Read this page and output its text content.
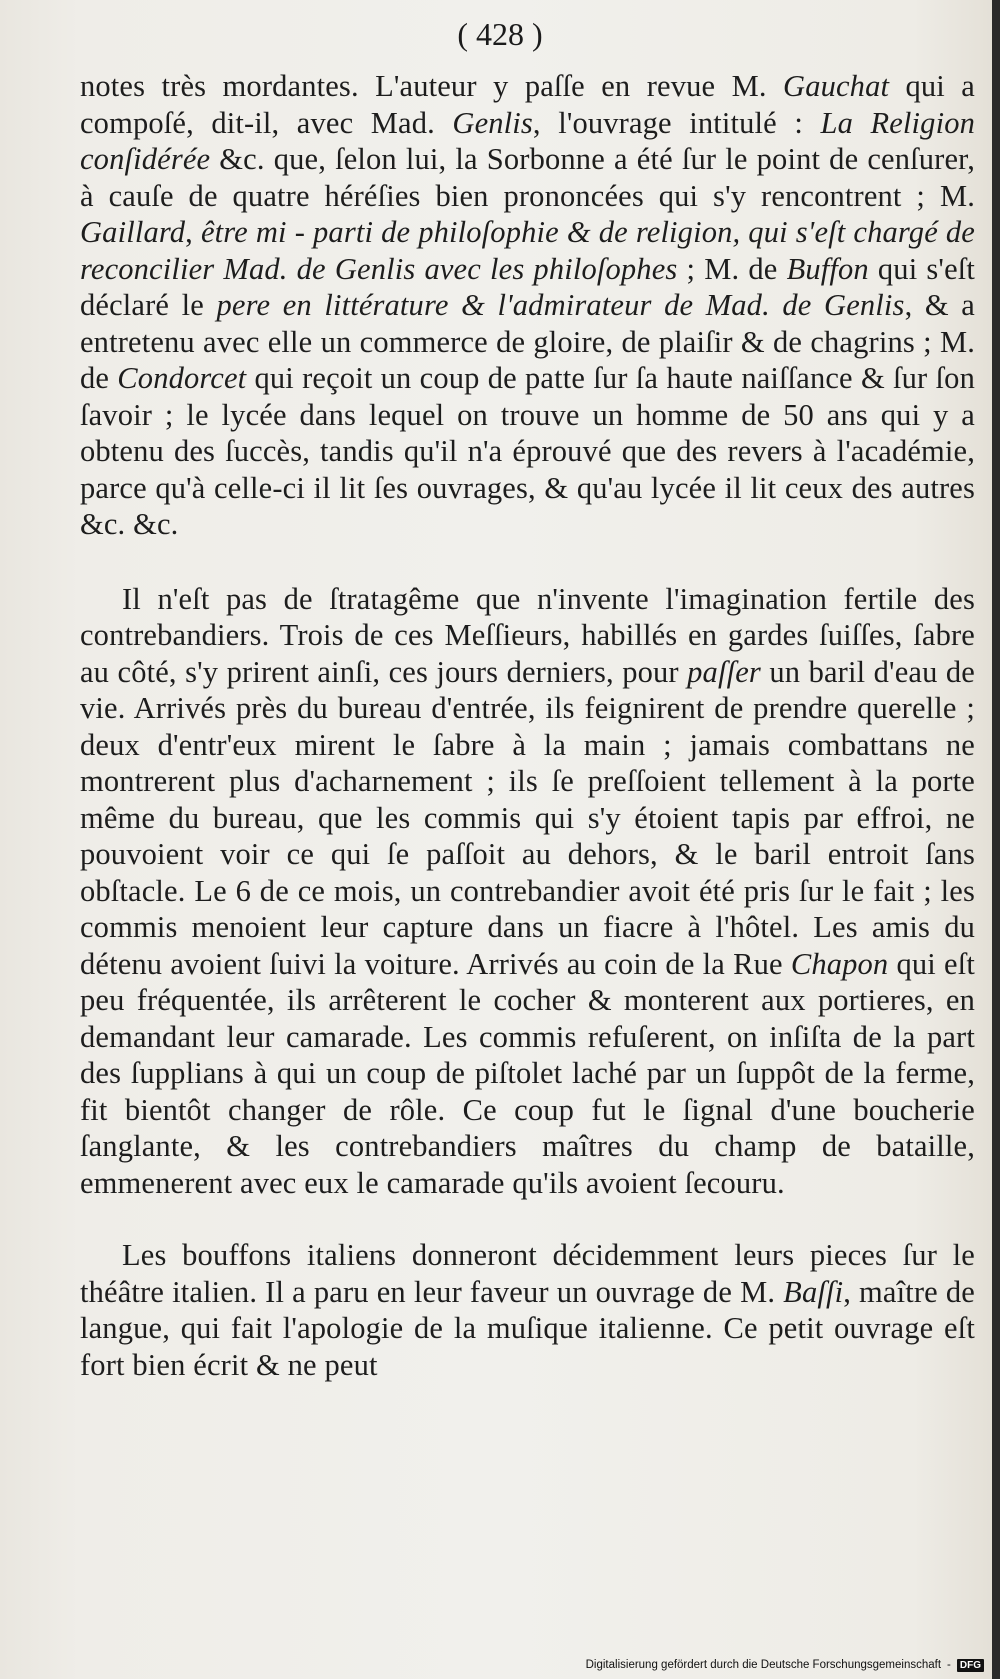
( 428 )

notes très mordantes. L'auteur y paſſe en revue M. Gauchat qui a compoſé, dit-il, avec Mad. Genlis, l'ouvrage intitulé : La Religion conſidérée &c. que, ſelon lui, la Sorbonne a été ſur le point de cenſurer, à cauſe de quatre héréſies bien prononcées qui s'y rencontrent ; M. Gaillard, être mi - parti de philoſophie & de religion, qui s'eſt chargé de reconcilier Mad. de Genlis avec les philoſophes ; M. de Buffon qui s'eſt déclaré le pere en littérature & l'admirateur de Mad. de Genlis, & a entretenu avec elle un commerce de gloire, de plaiſir & de chagrins ; M. de Condorcet qui reçoit un coup de patte ſur ſa haute naiſſance & ſur ſon ſavoir ; le lycée dans lequel on trouve un homme de 50 ans qui y a obtenu des ſuccès, tandis qu'il n'a éprouvé que des revers à l'académie, parce qu'à celle-ci il lit ſes ouvrages, & qu'au lycée il lit ceux des autres &c. &c.

Il n'eſt pas de ſtratagême que n'invente l'imagination fertile des contrebandiers. Trois de ces Meſſieurs, habillés en gardes ſuiſſes, ſabre au côté, s'y prirent ainſi, ces jours derniers, pour paſſer un baril d'eau de vie. Arrivés près du bureau d'entrée, ils feignirent de prendre querelle ; deux d'entr'eux mirent le ſabre à la main ; jamais combattans ne montrerent plus d'acharnement ; ils ſe preſſoient tellement à la porte même du bureau, que les commis qui s'y étoient tapis par effroi, ne pouvoient voir ce qui ſe paſſoit au dehors, & le baril entroit ſans obſtacle. Le 6 de ce mois, un contrebandier avoit été pris ſur le fait ; les commis menoient leur capture dans un fiacre à l'hôtel. Les amis du détenu avoient ſuivi la voiture. Arrivés au coin de la Rue Chapon qui eſt peu fréquentée, ils arrêterent le cocher & monterent aux portieres, en demandant leur camarade. Les commis refuſerent, on inſiſta de la part des ſupplians à qui un coup de piſtolet laché par un ſuppôt de la ferme, fit bientôt changer de rôle. Ce coup fut le ſignal d'une boucherie ſanglante, & les contrebandiers maîtres du champ de bataille, emmenerent avec eux le camarade qu'ils avoient ſecouru.

Les bouffons italiens donneront décidemment leurs pieces ſur le théâtre italien. Il a paru en leur faveur un ouvrage de M. Baſſi, maître de langue, qui fait l'apologie de la muſique italienne. Ce petit ouvrage eſt fort bien écrit & ne peut

Digitalisierung gefördert durch die Deutsche Forschungsgemeinschaft - DFG
